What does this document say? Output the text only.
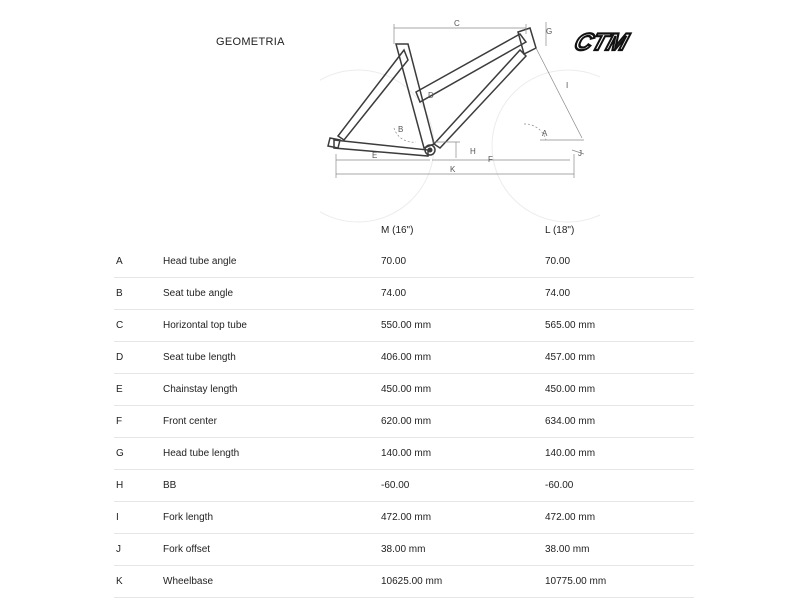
GEOMETRIA	CTM
C
G
D
I
A
B
H
E	F
J
K
M (16")	L (18")
A	Head tube angle	70.00	70.00
B	Seat tube angle	74.00	74.00
C	Horizontal top tube	550.00 mm	565.00 mm
D	Seat tube length	406.00 mm	457.00 mm
E	Chainstay length	450.00 mm	450.00 mm
F	Front center	620.00 mm	634.00 mm
G	Head tube length	140.00 mm	140.00 mm
H	BB	-60.00	-60.00
I	Fork length	472.00 mm	472.00 mm
J	Fork offset	38.00 mm	38.00 mm
K	Wheelbase	10625.00 mm	10775.00 mm
